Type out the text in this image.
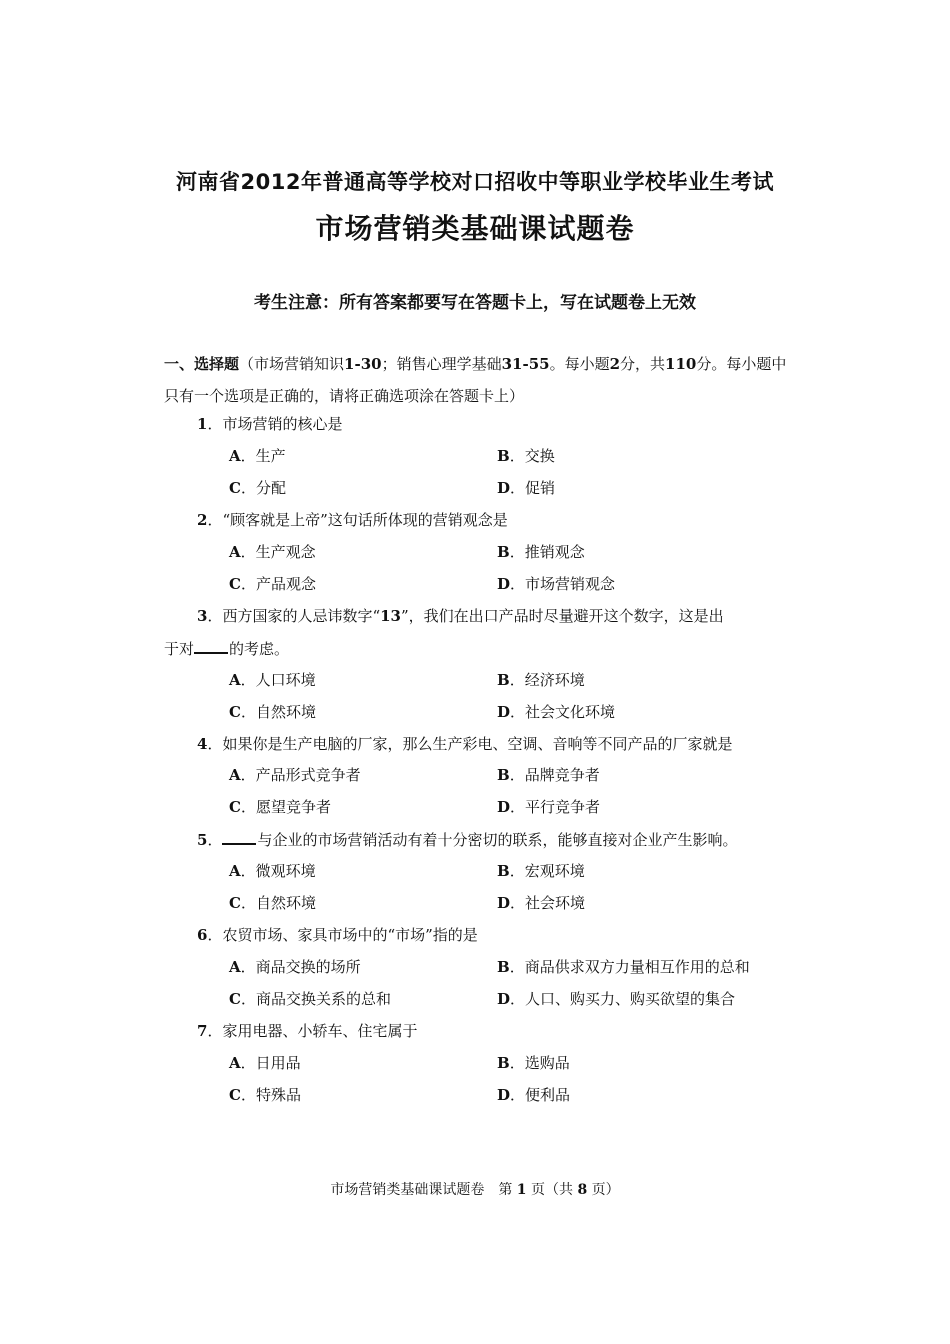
河南省2012年普通高等学校对口招收中等职业学校毕业生考试
市场营销类基础课试题卷
考生注意：所有答案都要写在答题卡上，写在试题卷上无效
一、选择题（市场营销知识1-30；销售心理学基础31-55。每小题2分，共110分。每小题中只有一个选项是正确的，请将正确选项涂在答题卡上）
1．市场营销的核心是
A．生产	B．交换
C．分配	D．促销
2．“顾客就是上帝”这句话所体现的营销观念是
A．生产观念	B．推销观念
C．产品观念	D．市场营销观念
3．西方国家的人忌讳数字“13”，我们在出口产品时尽量避开这个数字，这是出
于对 的考虑。
A．人口环境	B．经济环境
C．自然环境	D．社会文化环境
4．如果你是生产电脑的厂家，那么生产彩电、空调、音响等不同产品的厂家就是
A．产品形式竞争者	B．品牌竞争者
C．愿望竞争者	D．平行竞争者
5． 与企业的市场营销活动有着十分密切的联系，能够直接对企业产生影响。
A．微观环境	B．宏观环境
C．自然环境	D．社会环境
6．农贸市场、家具市场中的“市场”指的是
A．商品交换的场所	B．商品供求双方力量相互作用的总和
C．商品交换关系的总和	D．人口、购买力、购买欲望的集合
7．家用电器、小轿车、住宅属于
A．日用品	B．选购品
C．特殊品	D．便利品
市场营销类基础课试题卷　第 1 页（共 8 页）
